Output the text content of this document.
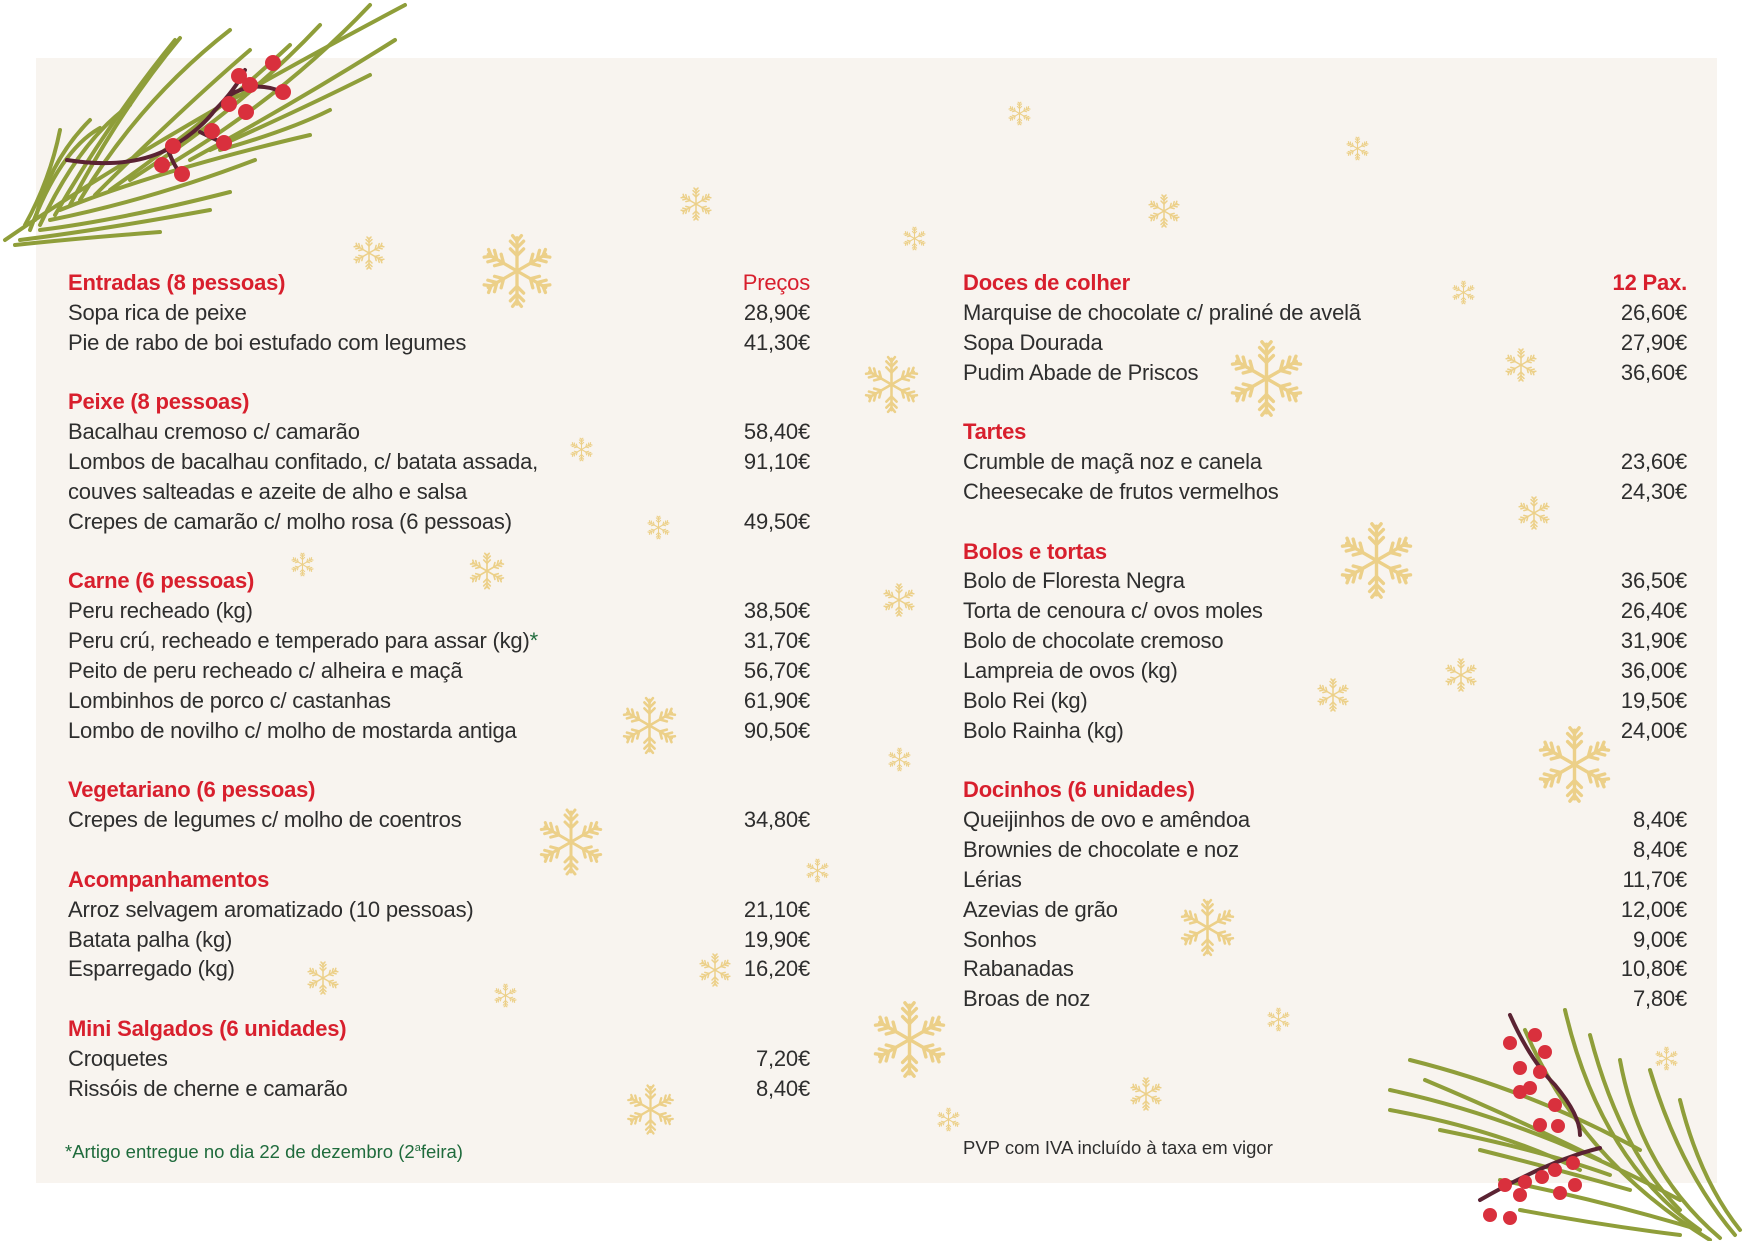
Entradas (8 pessoas)	Preços
Sopa rica de peixe	28,90€
Pie de rabo de boi estufado com legumes	41,30€
Peixe (8 pessoas)
Bacalhau cremoso c/ camarão	58,40€
Lombos de bacalhau confitado, c/ batata assada,	91,10€
couves salteadas e azeite de alho e salsa
Crepes de camarão c/ molho rosa (6 pessoas)	49,50€
Carne (6 pessoas)
Peru recheado (kg)	38,50€
Peru crú, recheado e temperado para assar (kg)*	31,70€
Peito de peru recheado c/ alheira e maçã	56,70€
Lombinhos de porco c/ castanhas	61,90€
Lombo de novilho c/ molho de mostarda antiga	90,50€
Vegetariano (6 pessoas)
Crepes de legumes c/ molho de coentros	34,80€
Acompanhamentos
Arroz selvagem aromatizado (10 pessoas)	21,10€
Batata palha (kg)	19,90€
Esparregado (kg)	16,20€
Mini Salgados (6 unidades)
Croquetes	7,20€
Rissóis de cherne e camarão	8,40€
Doces de colher	12 Pax.
Marquise de chocolate c/ praliné de avelã	26,60€
Sopa Dourada	27,90€
Pudim Abade de Priscos	36,60€
Tartes
Crumble de maçã noz e canela	23,60€
Cheesecake de frutos vermelhos	24,30€
Bolos e tortas
Bolo de Floresta Negra	36,50€
Torta de cenoura c/ ovos moles	26,40€
Bolo de chocolate cremoso	31,90€
Lampreia de ovos (kg)	36,00€
Bolo Rei (kg)	19,50€
Bolo Rainha (kg)	24,00€
Docinhos (6 unidades)
Queijinhos de ovo e amêndoa	8,40€
Brownies de chocolate e noz	8,40€
Lérias	11,70€
Azevias de grão	12,00€
Sonhos	9,00€
Rabanadas	10,80€
Broas de noz	7,80€
*Artigo entregue no dia 22 de dezembro (2$^a$feira)	PVP com IVA incluído à taxa em vigor
